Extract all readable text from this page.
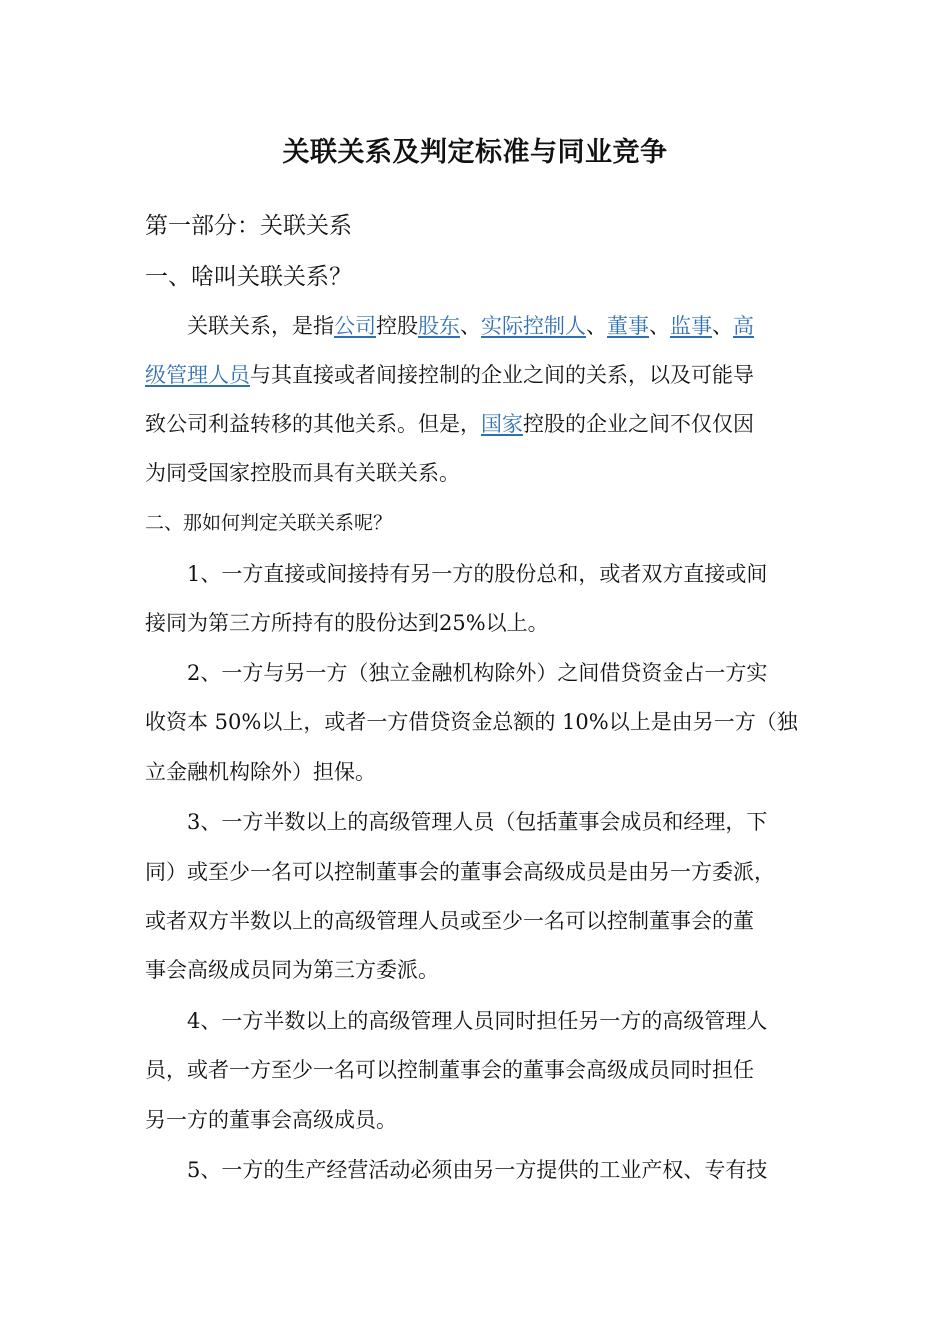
关联关系及判定标准与同业竞争
第一部分：关联关系
一、啥叫关联关系？
关联关系，是指公司控股股东、实际控制人、董事、监事、高
级管理人员与其直接或者间接控制的企业之间的关系，以及可能导
致公司利益转移的其他关系。但是，国家控股的企业之间不仅仅因
为同受国家控股而具有关联关系。
二、那如何判定关联关系呢？
1、一方直接或间接持有另一方的股份总和，或者双方直接或间
接同为第三方所持有的股份达到25%以上。
2、一方与另一方（独立金融机构除外）之间借贷资金占一方实
收资本 50%以上，或者一方借贷资金总额的 10%以上是由另一方（独
立金融机构除外）担保。
3、一方半数以上的高级管理人员（包括董事会成员和经理，下
同）或至少一名可以控制董事会的董事会高级成员是由另一方委派，
或者双方半数以上的高级管理人员或至少一名可以控制董事会的董
事会高级成员同为第三方委派。
4、一方半数以上的高级管理人员同时担任另一方的高级管理人
员，或者一方至少一名可以控制董事会的董事会高级成员同时担任
另一方的董事会高级成员。
5、一方的生产经营活动必须由另一方提供的工业产权、专有技
